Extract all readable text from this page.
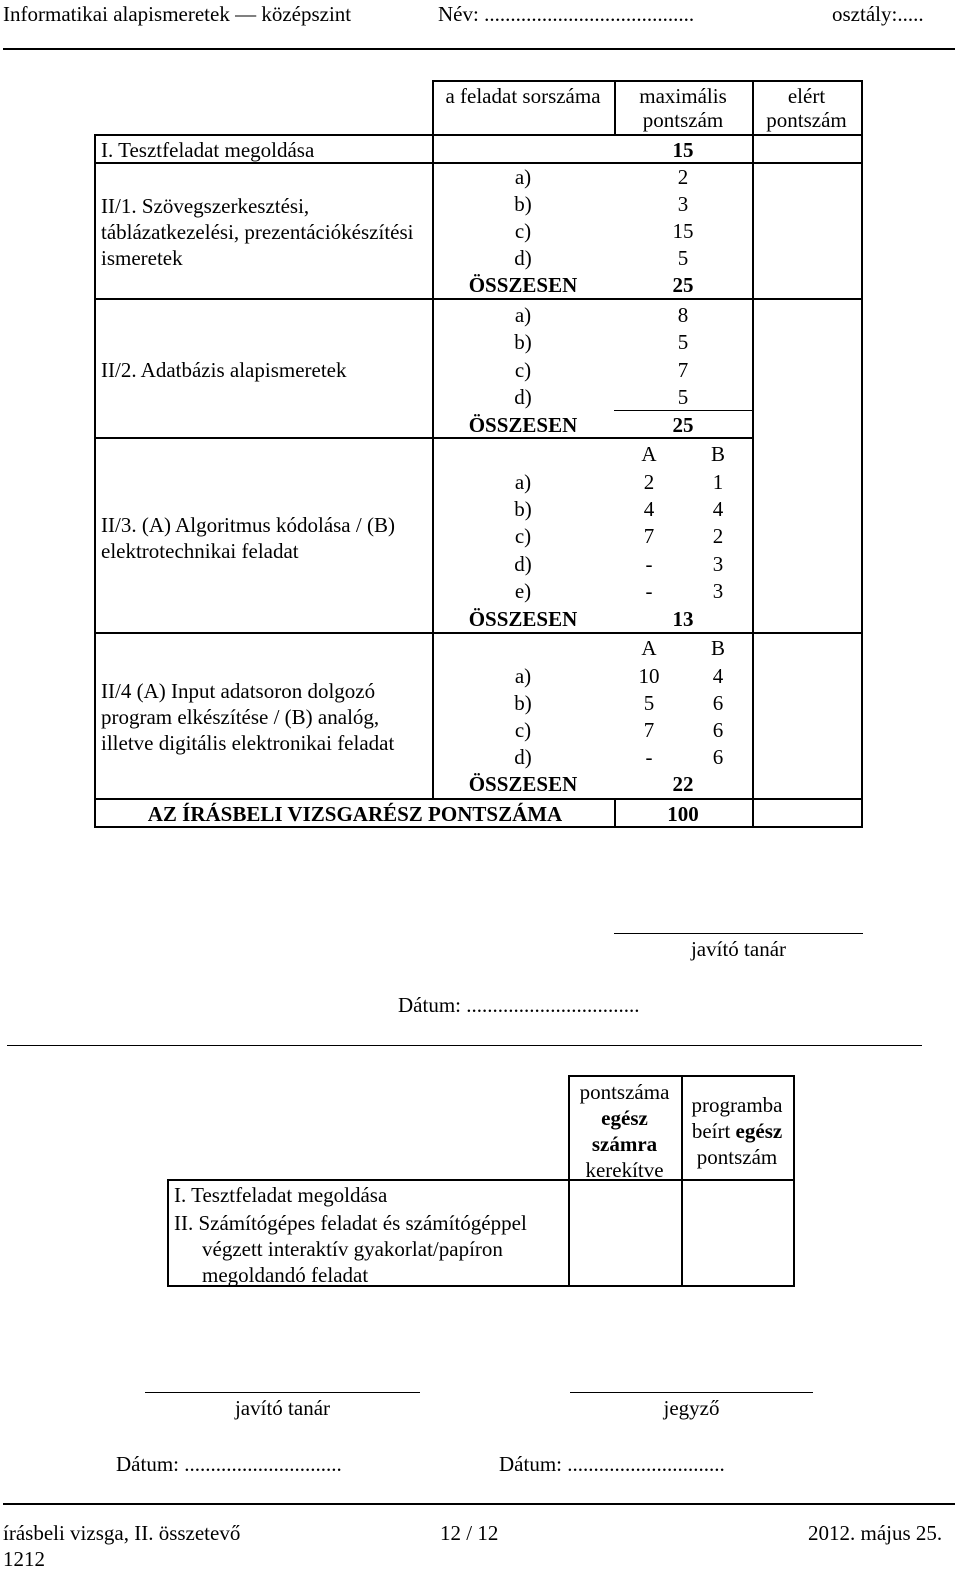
Informatikai alapismeretek — középszint	Név: ........................................	osztály:.....
a feladat sorszáma	maximális pontszám
elért pontszám
I. Tesztfeladat megoldása	15
II/1. Szövegszerkesztési, táblázatkezelési, prezentációkészítési ismeretek
a)	2
b)	3
c)	15
d)	5
ÖSSZESEN	25
II/2. Adatbázis alapismeretek
a)	8
b)	5
c)	7
d)	5
ÖSSZESEN	25
II/3. (A) Algoritmus kódolása / (B) elektrotechnikai feladat
A	B
a)	2	1
b)	4	4
c)	7	2
d)	-	3
e)	-	3
ÖSSZESEN	13
II/4 (A) Input adatsoron dolgozó program elkészítése / (B) analóg, illetve digitális elektronikai feladat
A	B
a)	10	4
b)	5	6
c)	7	6
d)	-	6
ÖSSZESEN	22
AZ ÍRÁSBELI VIZSGARÉSZ PONTSZÁMA	100
javító tanár
Dátum: .................................
pontszáma egész számra kerekítve
programba beírt egész pontszám
I. Tesztfeladat megoldása
II. Számítógépes feladat és számítógéppel végzett interaktív gyakorlat/papíron megoldandó feladat
javító tanár	jegyző
Dátum: ..............................	Dátum: ..............................
írásbeli vizsga, II. összetevő
1212
12 / 12	2012. május 25.
